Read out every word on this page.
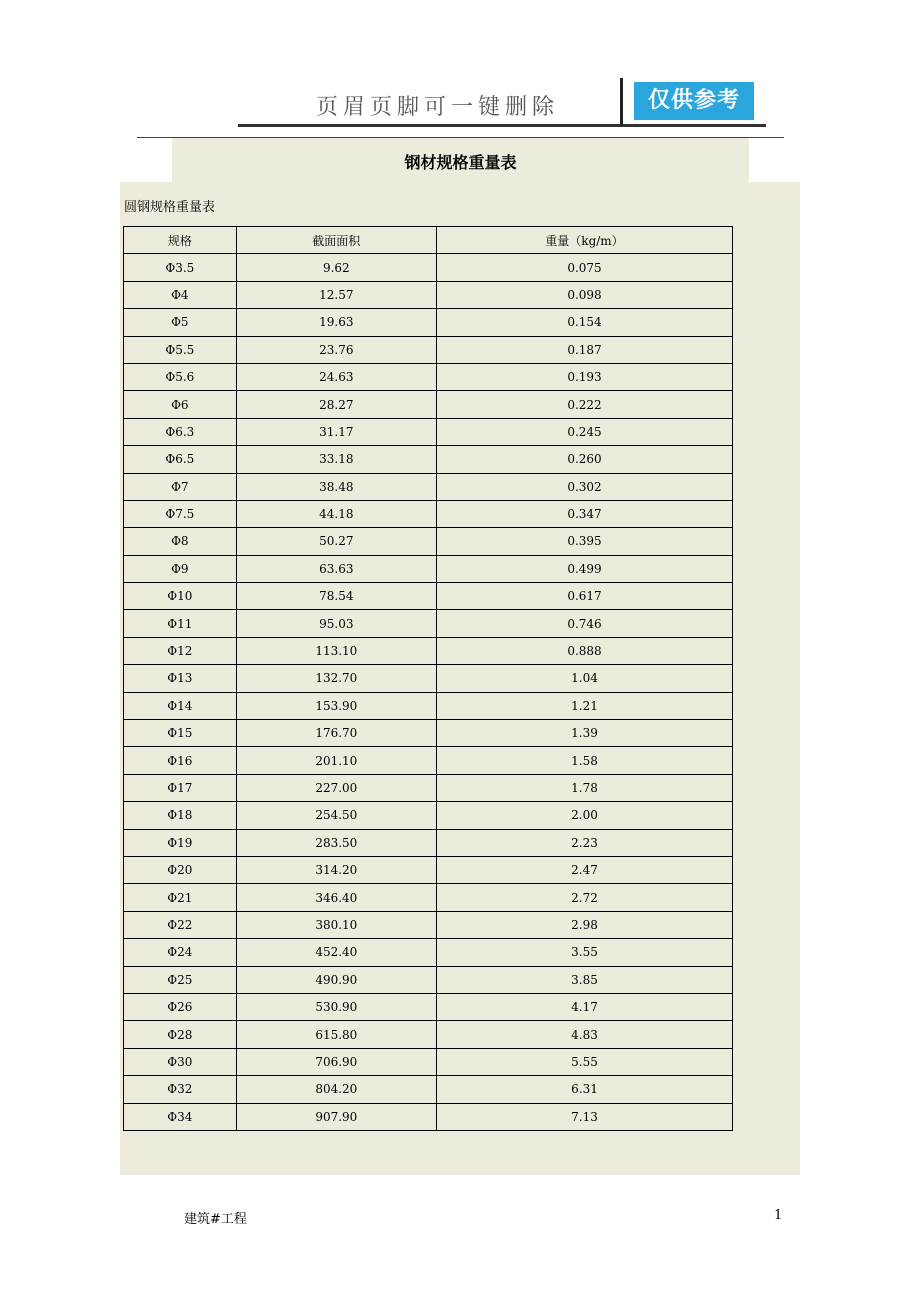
页眉页脚可一键删除	仅供参考
钢材规格重量表
圆钢规格重量表
规格	截面面积	重量（kg/m）
Φ3.5	9.62	0.075
Φ4	12.57	0.098
Φ5	19.63	0.154
Φ5.5	23.76	0.187
Φ5.6	24.63	0.193
Φ6	28.27	0.222
Φ6.3	31.17	0.245
Φ6.5	33.18	0.260
Φ7	38.48	0.302
Φ7.5	44.18	0.347
Φ8	50.27	0.395
Φ9	63.63	0.499
Φ10	78.54	0.617
Φ11	95.03	0.746
Φ12	113.10	0.888
Φ13	132.70	1.04
Φ14	153.90	1.21
Φ15	176.70	1.39
Φ16	201.10	1.58
Φ17	227.00	1.78
Φ18	254.50	2.00
Φ19	283.50	2.23
Φ20	314.20	2.47
Φ21	346.40	2.72
Φ22	380.10	2.98
Φ24	452.40	3.55
Φ25	490.90	3.85
Φ26	530.90	4.17
Φ28	615.80	4.83
Φ30	706.90	5.55
Φ32	804.20	6.31
Φ34	907.90	7.13
建筑#工程	1
